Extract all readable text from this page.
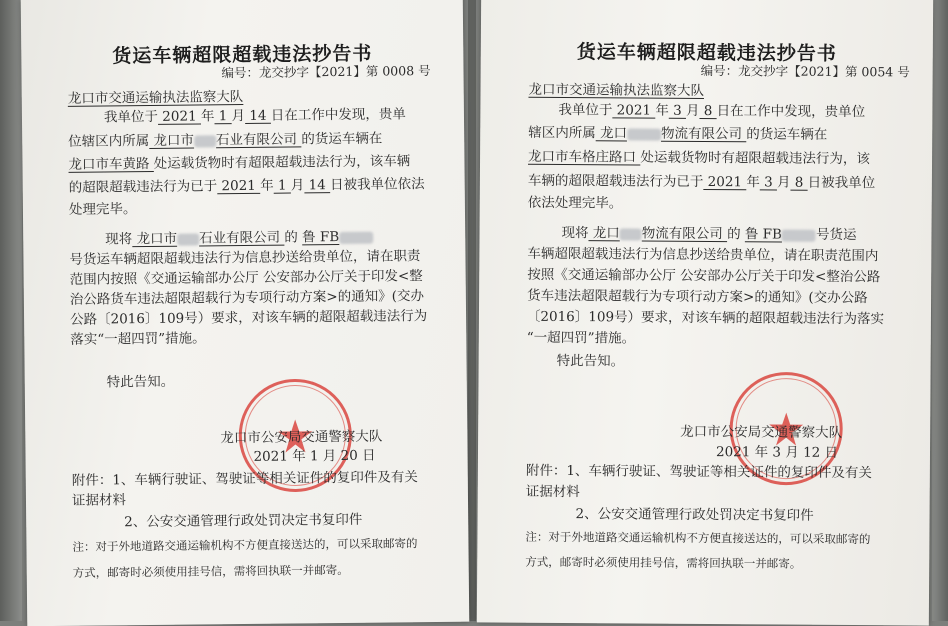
货运车辆超限超载违法抄告书
编号：龙交抄字【2021】第 0008 号
龙口市交通运输执法监察大队
我单位于 2021 年 1 月 14 日在工作中发现，贵单
位辖区内所属 龙口市 石业有限公司 的货运车辆在
龙口市车黄路 处运载货物时有超限超载违法行为，该车辆
的超限超载违法行为已于 2021 年 1 月 14 日被我单位依法
处理完毕。
现将 龙口市 石业有限公司 的 鲁 FB
号货运车辆超限超载违法行为信息抄送给贵单位，请在职责
范围内按照《交通运输部办公厅 公安部办公厅关于印发<整
治公路货车违法超限超载行为专项行动方案>的通知》(交办
公路〔2016〕109号）要求，对该车辆的超限超载违法行为
落实“一超四罚”措施。
特此告知。
龙口市公安局交通警察大队
2021 年 1 月 20 日
附件：1、车辆行驶证、驾驶证等相关证件的复印件及有关
证据材料
2、公安交通管理行政处罚决定书复印件
注：对于外地道路交通运输机构不方便直接送达的，可以采取邮寄的
方式，邮寄时必须使用挂号信，需将回执联一并邮寄。
货运车辆超限超载违法抄告书
编号：龙交抄字【2021】第 0054 号
龙口市交通运输执法监察大队
我单位于 2021 年 3 月 8 日在工作中发现，贵单位
辖区内所属 龙口	物流有限公司 的货运车辆在
龙口市车格庄路口 处运载货物时有超限超载违法行为，该
车辆的超限超载违法行为已于 2021 年 3 月 8 日被我单位
依法处理完毕。
现将 龙口 物流有限公司 的 鲁 FB	号货运
车辆超限超载违法行为信息抄送给贵单位，请在职责范围内
按照《交通运输部办公厅 公安部办公厅关于印发<整治公路
货车违法超限超载行为专项行动方案>的通知》(交办公路
〔2016〕109号）要求，对该车辆的超限超载违法行为落实
“一超四罚”措施。
特此告知。
龙口市公安局交通警察大队
2021 年 3 月 12 日
附件：1、车辆行驶证、驾驶证等相关证件的复印件及有关
证据材料
2、公安交通管理行政处罚决定书复印件
注：对于外地道路交通运输机构不方便直接送达的，可以采取邮寄的
方式，邮寄时必须使用挂号信，需将回执联一并邮寄。
